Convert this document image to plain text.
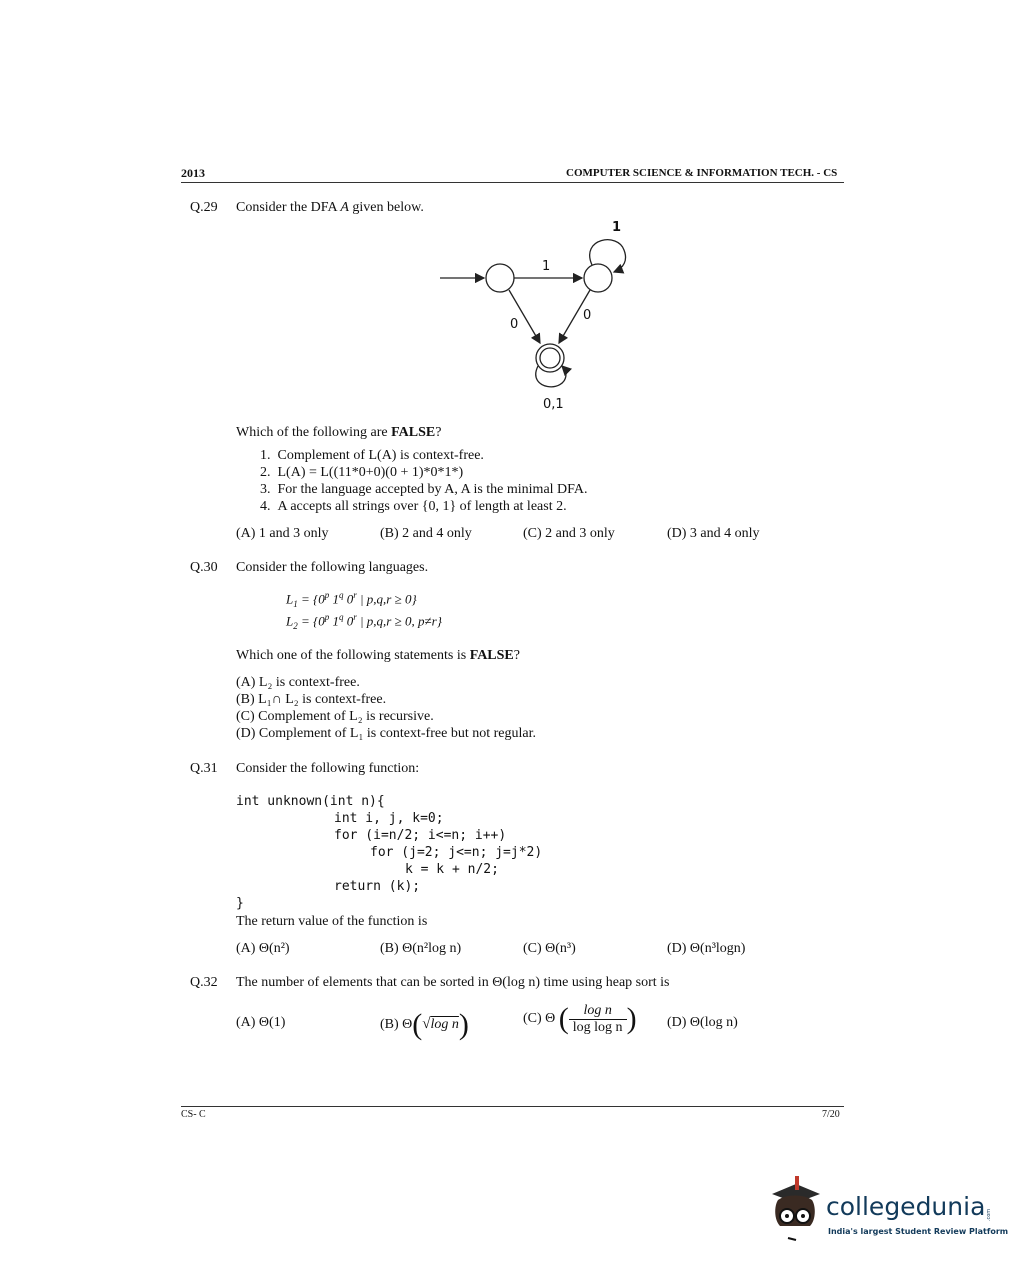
2013	COMPUTER SCIENCE & INFORMATION TECH. - CS
Q.29 Consider the DFA A given below.
1
1
0
0
0,1
Which of the following are FALSE?
1. Complement of L(A) is context-free.
2. L(A) = L((11*0+0)(0 + 1)*0*1*)
3. For the language accepted by A, A is the minimal DFA.
4. A accepts all strings over {0, 1} of length at least 2.
(A) 1 and 3 only	(B) 2 and 4 only	(C) 2 and 3 only	(D) 3 and 4 only
Q.30 Consider the following languages.
$L_1 = \{0^p$ 1$^q$ 0$^r$ | p,q,r ≥ 0}
$L_2 = \{0^p$ 1$^q$ 0$^r$ | p,q,r ≥ 0, p≠r}
Which one of the following statements is FALSE?
(A) L₂ is context-free.
(B) L₁∩ L₂ is context-free.
(C) Complement of L₂ is recursive.
(D) Complement of L₁ is context-free but not regular.
Q.31 Consider the following function:
int unknown(int n){
int i, j, k=0;
for (i=n/2; i<=n; i++)
for (j=2; j<=n; j=j*2)
k = k + n/2;
return (k);
}
The return value of the function is
(A) Θ(n²)	(B) Θ(n²log n)	(C) Θ(n³)	(D) Θ(n³logn)
Q.32 The number of elements that can be sorted in Θ(log n) time using heap sort is
(A) Θ(1)	(B) Θ(√log n)	(C) Θ ( $\frac{\text{log n}}{\text{log log n}}$ ) (D) Θ(log n)
CS- C	7/20
collegedunia .com
India's largest Student Review Platform
